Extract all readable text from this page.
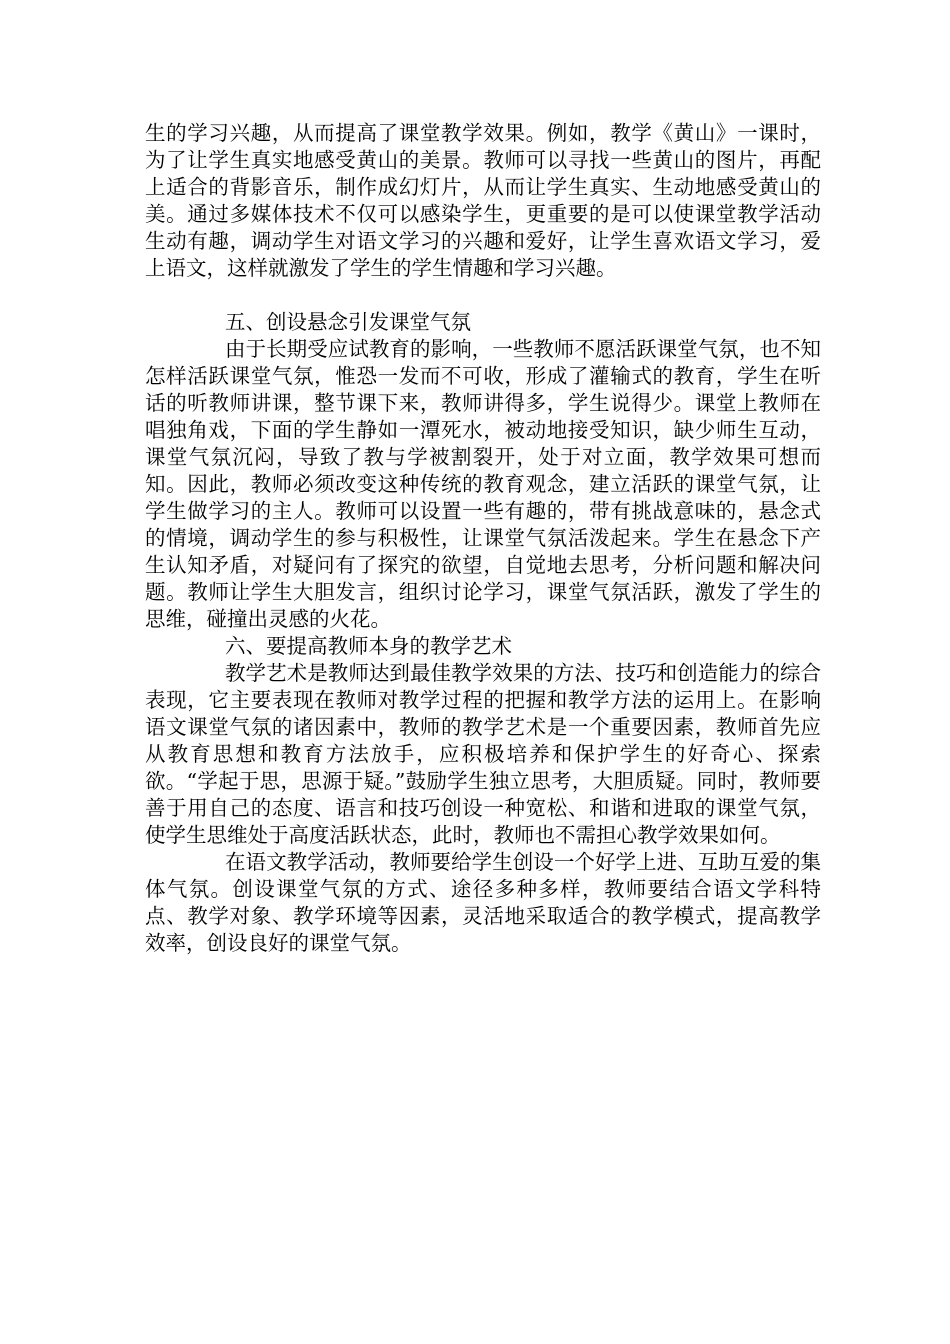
生的学习兴趣，从而提高了课堂教学效果。例如，教学《黄山》一课时，为了让学生真实地感受黄山的美景。教师可以寻找一些黄山的图片，再配上适合的背影音乐，制作成幻灯片，从而让学生真实、生动地感受黄山的美。通过多媒体技术不仅可以感染学生，更重要的是可以使课堂教学活动生动有趣，调动学生对语文学习的兴趣和爱好，让学生喜欢语文学习，爱上语文，这样就激发了学生的学生情趣和学习兴趣。

五、创设悬念引发课堂气氛

由于长期受应试教育的影响，一些教师不愿活跃课堂气氛，也不知怎样活跃课堂气氛，惟恐一发而不可收，形成了灌输式的教育，学生在听话的听教师讲课，整节课下来，教师讲得多，学生说得少。课堂上教师在唱独角戏，下面的学生静如一潭死水，被动地接受知识，缺少师生互动，课堂气氛沉闷，导致了教与学被割裂开，处于对立面，教学效果可想而知。因此，教师必须改变这种传统的教育观念，建立活跃的课堂气氛，让学生做学习的主人。教师可以设置一些有趣的，带有挑战意味的，悬念式的情境，调动学生的参与积极性，让课堂气氛活泼起来。学生在悬念下产生认知矛盾，对疑问有了探究的欲望，自觉地去思考，分析问题和解决问题。教师让学生大胆发言，组织讨论学习，课堂气氛活跃，激发了学生的思维，碰撞出灵感的火花。

六、要提高教师本身的教学艺术

教学艺术是教师达到最佳教学效果的方法、技巧和创造能力的综合表现，它主要表现在教师对教学过程的把握和教学方法的运用上。在影响语文课堂气氛的诸因素中，教师的教学艺术是一个重要因素，教师首先应从教育思想和教育方法放手，应积极培养和保护学生的好奇心、探索欲。“学起于思，思源于疑。”鼓励学生独立思考，大胆质疑。同时，教师要善于用自己的态度、语言和技巧创设一种宽松、和谐和进取的课堂气氛，使学生思维处于高度活跃状态，此时，教师也不需担心教学效果如何。

在语文教学活动，教师要给学生创设一个好学上进、互助互爱的集体气氛。创设课堂气氛的方式、途径多种多样，教师要结合语文学科特点、教学对象、教学环境等因素，灵活地采取适合的教学模式，提高教学效率，创设良好的课堂气氛。
